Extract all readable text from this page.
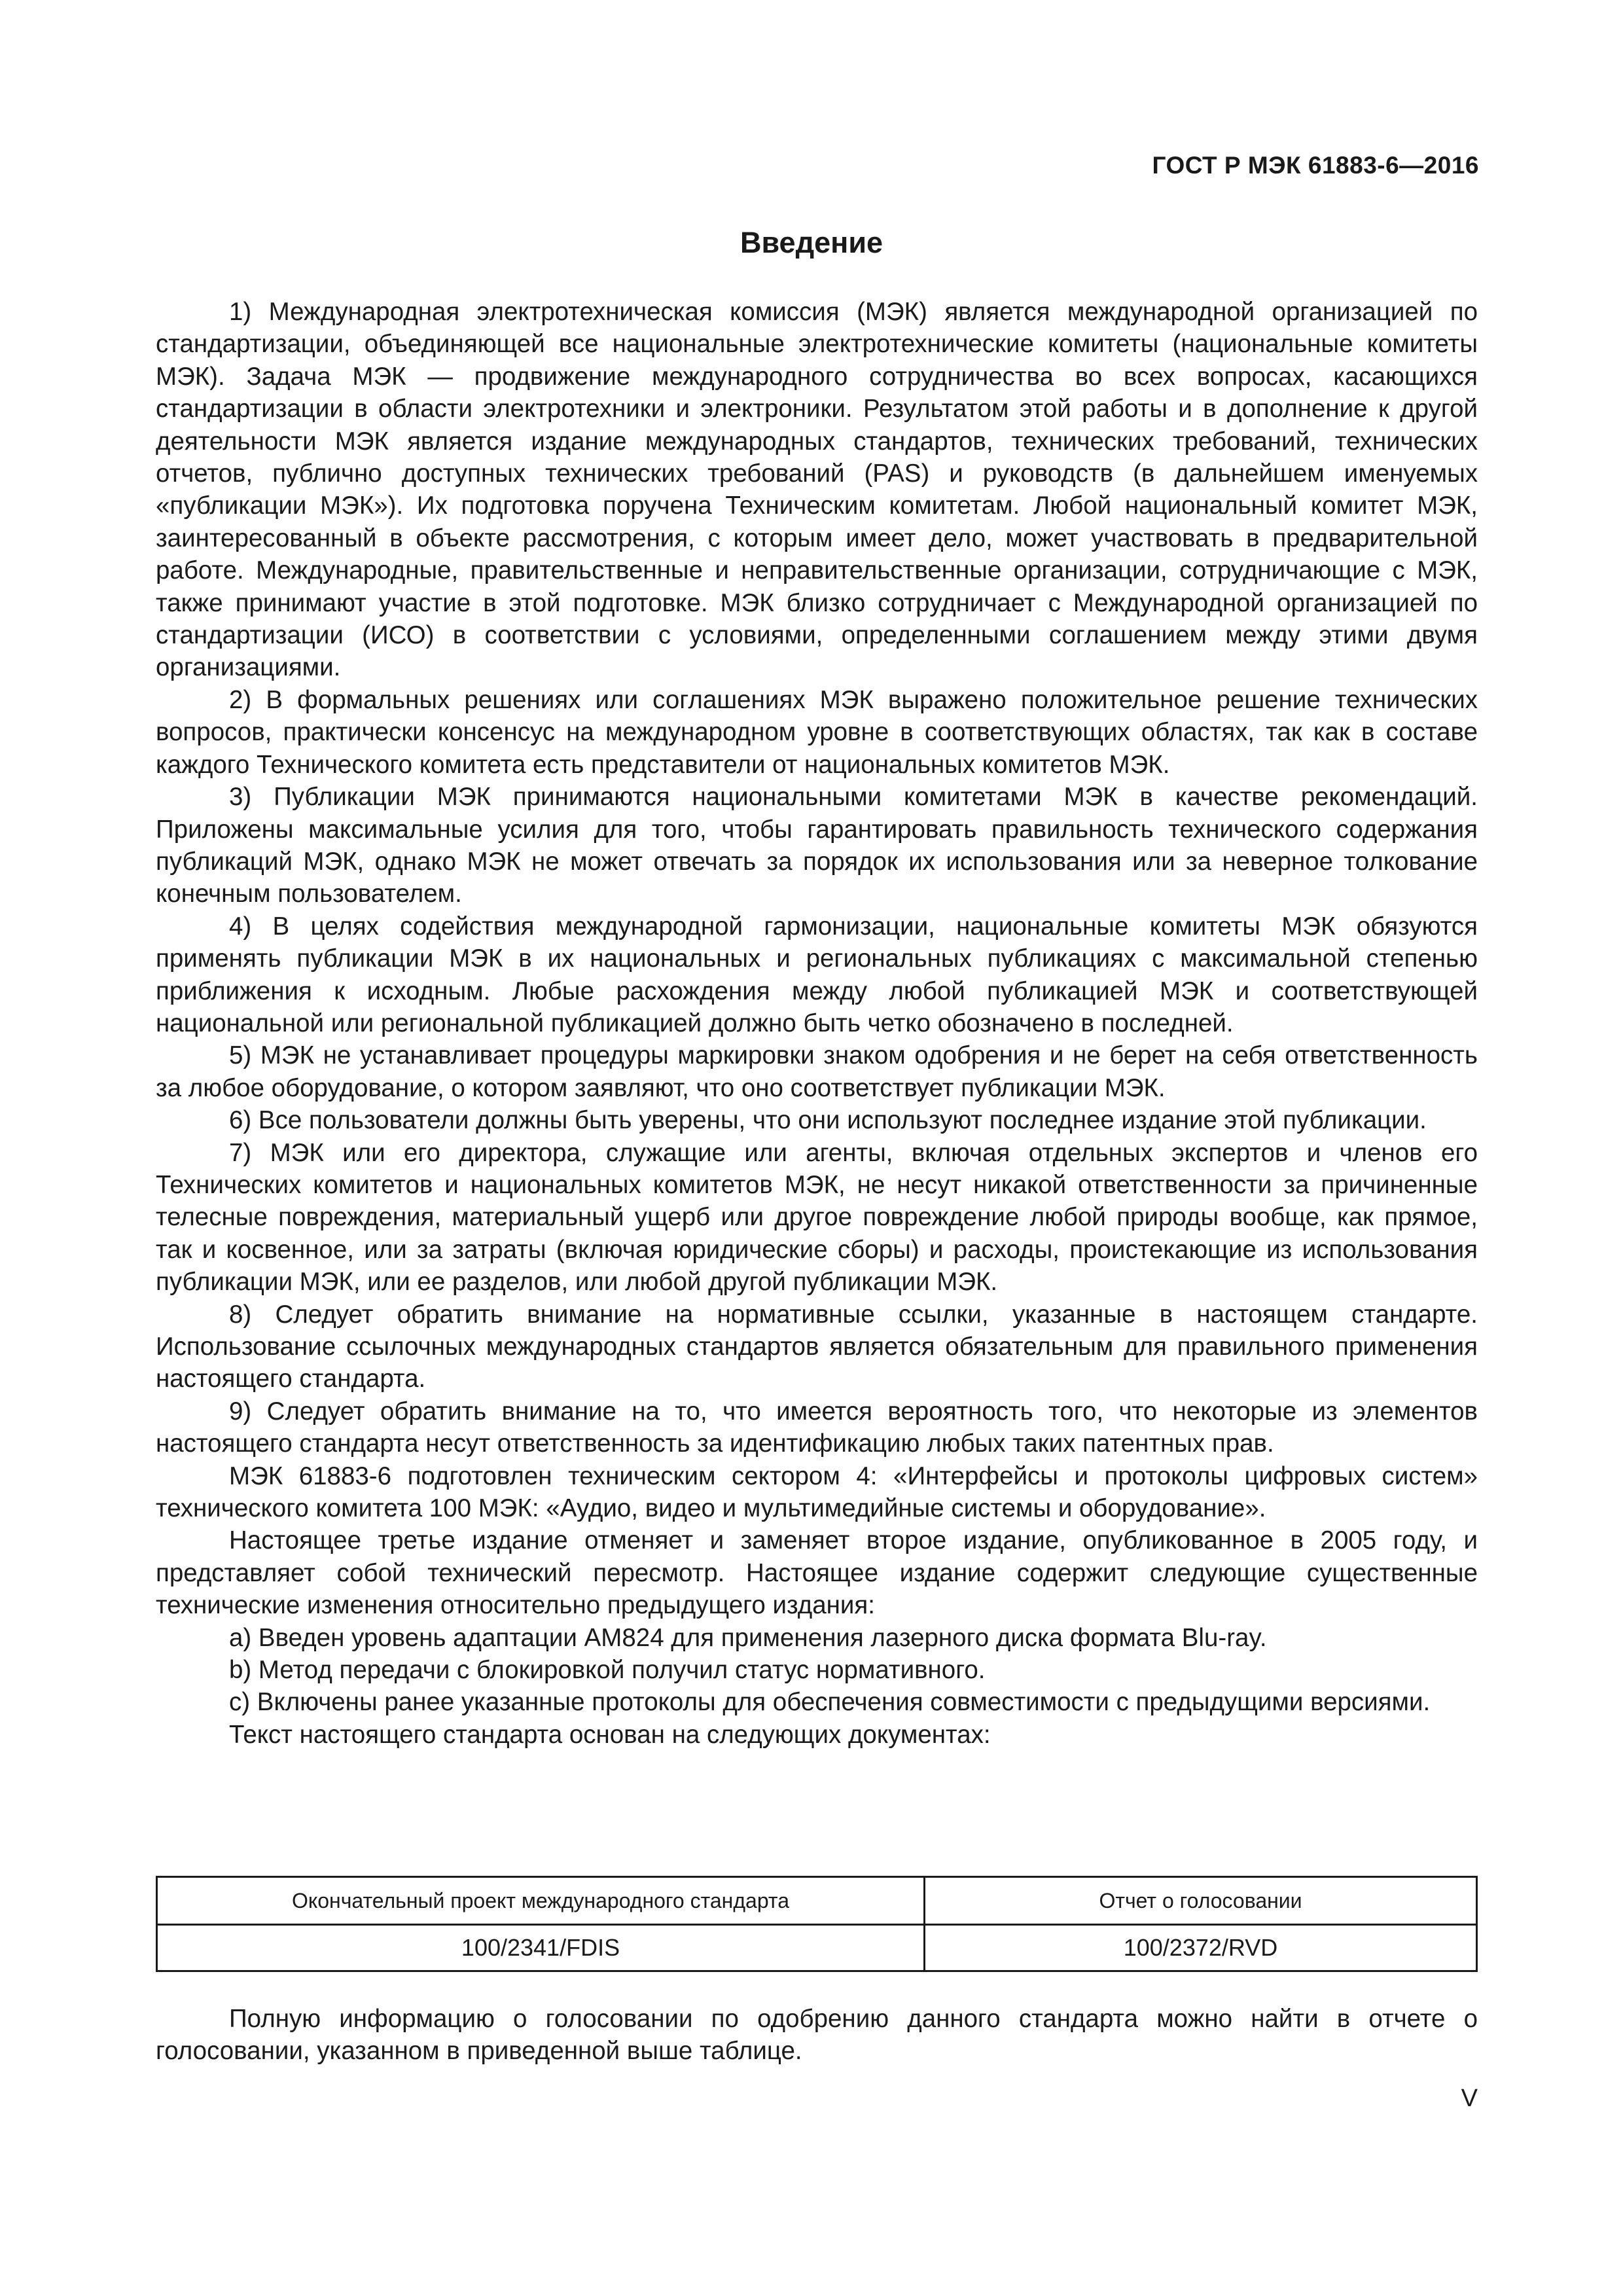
ГОСТ Р МЭК 61883-6—2016
Введение

1) Международная электротехническая комиссия (МЭК) является международной организацией по стандартизации, объединяющей все национальные электротехнические комитеты (национальные комитеты МЭК). Задача МЭК — продвижение международного сотрудничества во всех вопросах, касающихся стандартизации в области электротехники и электроники. Результатом этой работы и в дополнение к другой деятельности МЭК является издание международных стандартов, технических требований, технических отчетов, публично доступных технических требований (PAS) и руководств (в дальнейшем именуемых «публикации МЭК»). Их подготовка поручена Техническим комитетам. Любой национальный комитет МЭК, заинтересованный в объекте рассмотрения, с которым имеет дело, может участвовать в предварительной работе. Международные, правительственные и неправительственные организации, сотрудничающие с МЭК, также принимают участие в этой подготовке. МЭК близко сотрудничает с Международной организацией по стандартизации (ИСО) в соответствии с условиями, определенными соглашением между этими двумя организациями.

2) В формальных решениях или соглашениях МЭК выражено положительное решение технических вопросов, практически консенсус на международном уровне в соответствующих областях, так как в составе каждого Технического комитета есть представители от национальных комитетов МЭК.

3) Публикации МЭК принимаются национальными комитетами МЭК в качестве рекомендаций. Приложены максимальные усилия для того, чтобы гарантировать правильность технического содержания публикаций МЭК, однако МЭК не может отвечать за порядок их использования или за неверное толкование конечным пользователем.

4) В целях содействия международной гармонизации, национальные комитеты МЭК обязуются применять публикации МЭК в их национальных и региональных публикациях с максимальной степенью приближения к исходным. Любые расхождения между любой публикацией МЭК и соответствующей национальной или региональной публикацией должно быть четко обозначено в последней.

5) МЭК не устанавливает процедуры маркировки знаком одобрения и не берет на себя ответственность за любое оборудование, о котором заявляют, что оно соответствует публикации МЭК.

6) Все пользователи должны быть уверены, что они используют последнее издание этой публикации.

7) МЭК или его директора, служащие или агенты, включая отдельных экспертов и членов его Технических комитетов и национальных комитетов МЭК, не несут никакой ответственности за причиненные телесные повреждения, материальный ущерб или другое повреждение любой природы вообще, как прямое, так и косвенное, или за затраты (включая юридические сборы) и расходы, проистекающие из использования публикации МЭК, или ее разделов, или любой другой публикации МЭК.

8) Следует обратить внимание на нормативные ссылки, указанные в настоящем стандарте. Использование ссылочных международных стандартов является обязательным для правильного применения настоящего стандарта.

9) Следует обратить внимание на то, что имеется вероятность того, что некоторые из элементов настоящего стандарта несут ответственность за идентификацию любых таких патентных прав.

МЭК 61883-6 подготовлен техническим сектором 4: «Интерфейсы и протоколы цифровых систем» технического комитета 100 МЭК: «Аудио, видео и мультимедийные системы и оборудование».

Настоящее третье издание отменяет и заменяет второе издание, опубликованное в 2005 году, и представляет собой технический пересмотр. Настоящее издание содержит следующие существенные технические изменения относительно предыдущего издания:

a) Введен уровень адаптации AM824 для применения лазерного диска формата Blu-ray.

b) Метод передачи с блокировкой получил статус нормативного.

c) Включены ранее указанные протоколы для обеспечения совместимости с предыдущими версиями.

Текст настоящего стандарта основан на следующих документах:

Окончательный проект международного стандарта	Отчет о голосовании
100/2341/FDIS	100/2372/RVD

Полную информацию о голосовании по одобрению данного стандарта можно найти в отчете о голосовании, указанном в приведенной выше таблице.

V
